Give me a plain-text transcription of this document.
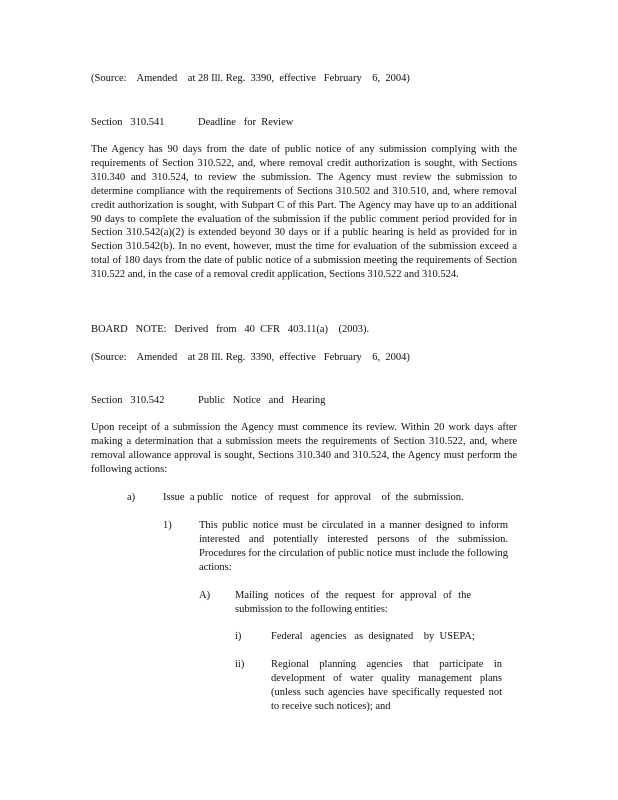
(Source:    Amended    at 28 Ill. Reg.  3390,  effective   February    6,  2004)

Section   310.541	Deadline   for  Review

The Agency has 90 days from the date of public notice of any submission complying with the requirements of Section 310.522, and, where removal credit authorization is sought, with Sections 310.340 and 310.524, to review the submission. The Agency must review the submission to determine compliance with the requirements of Sections 310.502 and 310.510, and, where removal credit authorization is sought, with Subpart C of this Part. The Agency may have up to an additional 90 days to complete the evaluation of the submission if the public comment period provided for in Section 310.542(a)(2) is extended beyond 30 days or if a public hearing is held as provided for in Section 310.542(b). In no event, however, must the time for evaluation of the submission exceed a total of 180 days from the date of public notice of a submission meeting the requirements of Section 310.522 and, in the case of a removal credit application, Sections 310.522 and 310.524.

BOARD   NOTE:   Derived   from   40  CFR   403.11(a)    (2003).

(Source:    Amended    at 28 Ill. Reg.  3390,  effective   February    6,  2004)

Section   310.542	Public   Notice   and   Hearing

Upon receipt of a submission the Agency must commence its review. Within 20 work days after making a determination that a submission meets the requirements of Section 310.522, and, where removal allowance approval is sought, Sections 310.340 and 310.524, the Agency must perform the following actions:

a)	Issue  a public   notice   of  request   for  approval    of  the  submission.

1)	This public notice must be circulated in a manner designed to inform interested and potentially interested persons of the submission. Procedures for the circulation of public notice must include the following actions:

A) Mailing notices of the request for approval of the submission to the following entities:

i)	Federal   agencies   as  designated    by  USEPA;

ii)	Regional planning agencies that participate in development of water quality management plans (unless such agencies have specifically requested not to receive such notices); and
